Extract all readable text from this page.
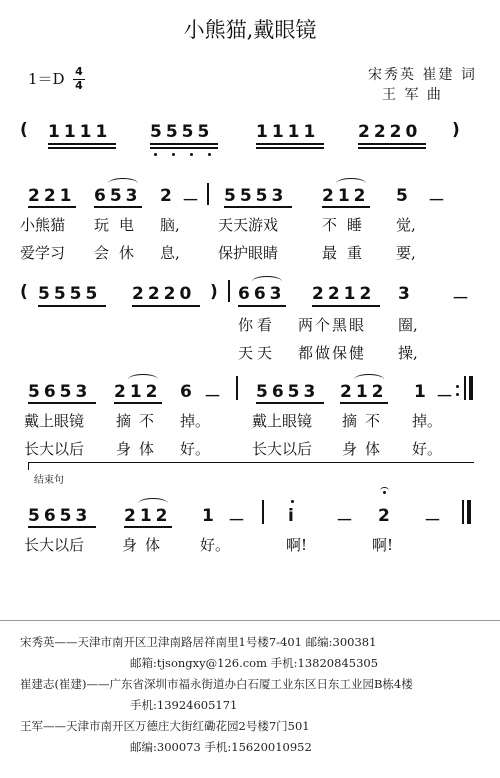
小熊猫,戴眼镜
宋秀英 崔建 词
王 军 曲
1＝D 4
4
( 1111 5555	1111 2220 )
221 653 2 － 5553 212 5 －
小熊猫 玩电 脑,	天天游戏	不睡 觉,
爱学习 会休 息,	保护眼睛	最重 要,
( 5555 2220 ) 663 2212 3 －
你看 两个黑眼 圈,
天天 都做保健 操,
5653 212 6 － 5653 212 1 －
戴上眼镜 摘不 掉。	戴上眼镜 摘不 掉。
长大以后 身体 好。	长大以后 身体 好。
结束句
5653 212 1 －	i － 2 －
长大以后	身体 好。	啊!	啊!
宋秀英——天津市南开区卫津南路居祥南里1号楼7-401 邮编:300381
邮箱:tjsongxy@126.com 手机:13820845305
崔建志(崔建)——广东省深圳市福永街道办白石厦工业东区日东工业园B栋4楼
手机:13924605171
王军——天津市南开区万德庄大街红磡花园2号楼7门501
邮编:300073 手机:15620010952
